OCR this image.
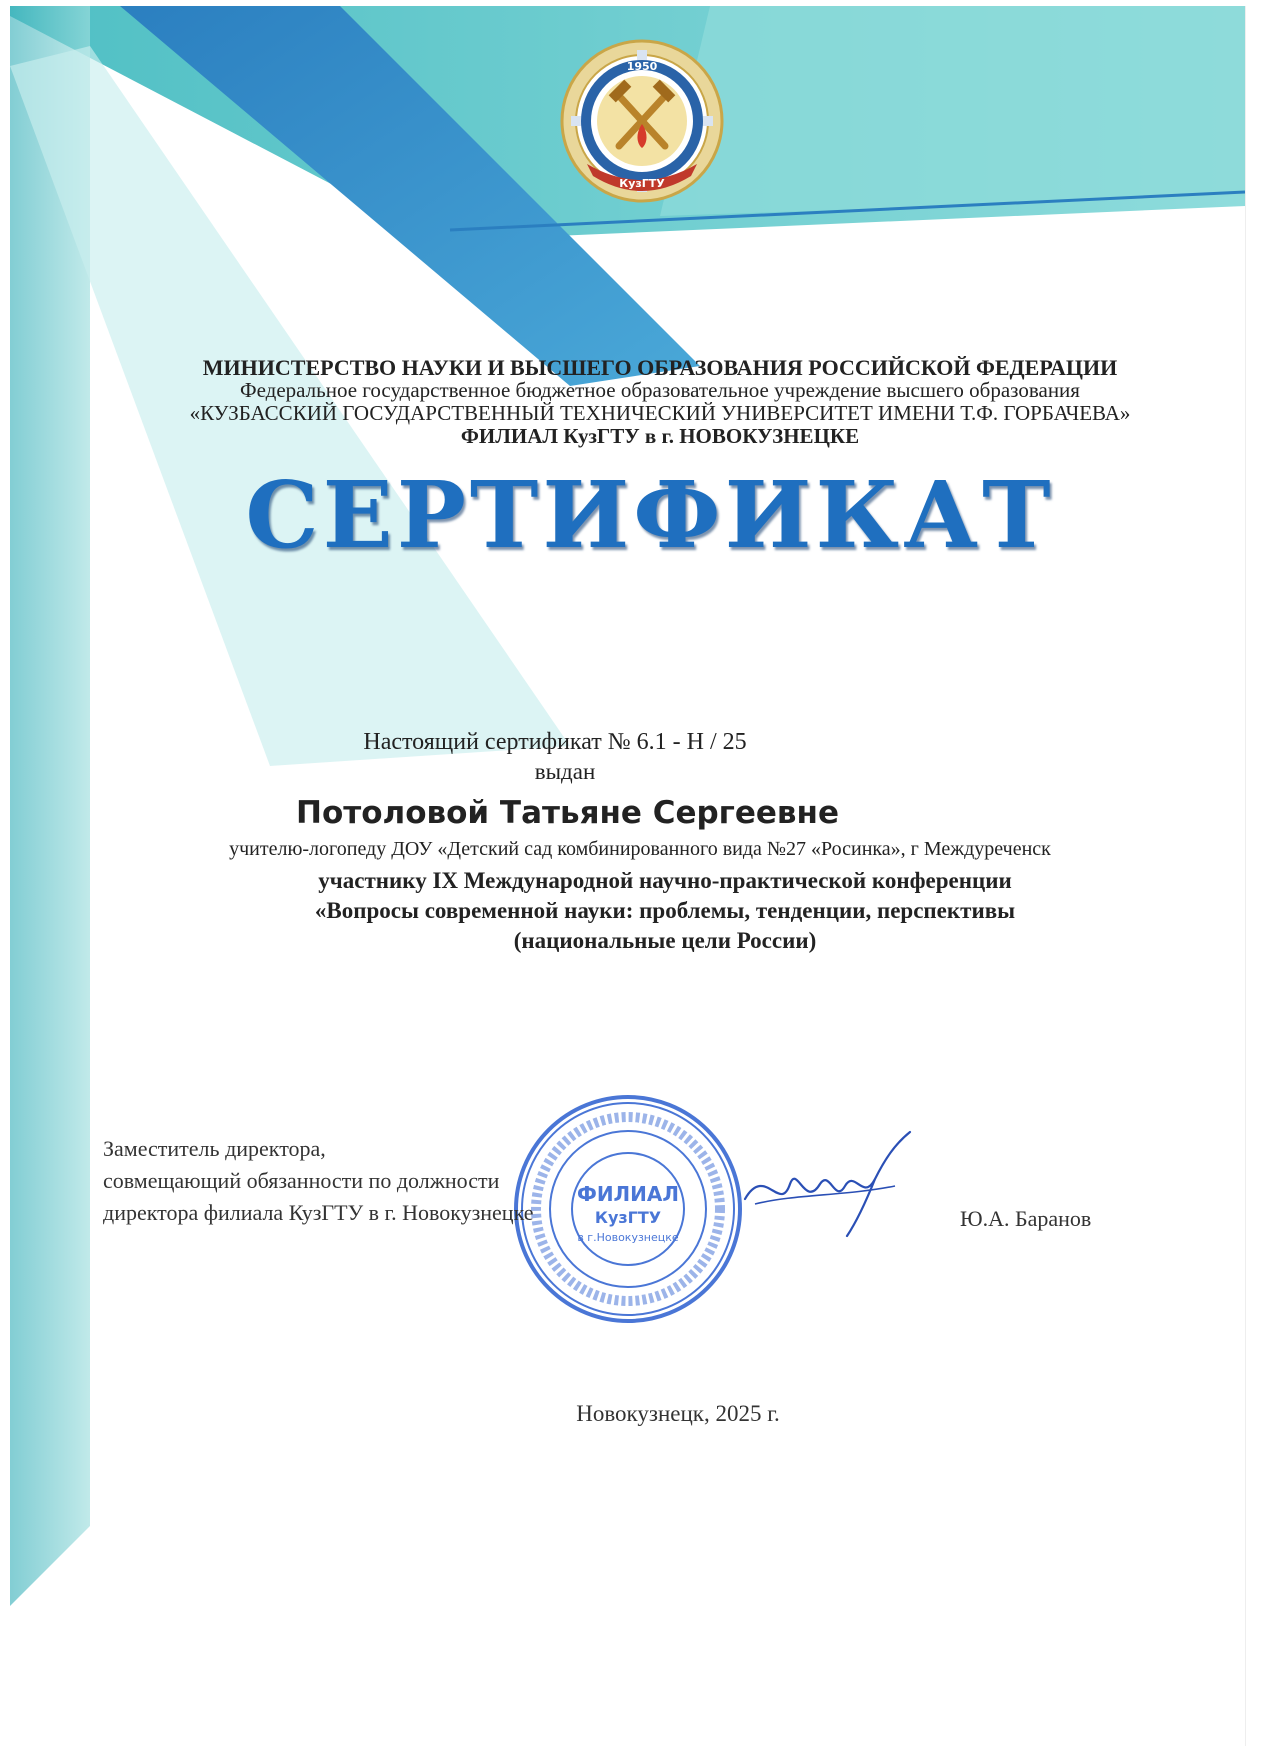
1950
КузГТУ
МИНИСТЕРСТВО НАУКИ И ВЫСШЕГО ОБРАЗОВАНИЯ РОССИЙСКОЙ ФЕДЕРАЦИИ
Федеральное государственное бюджетное образовательное учреждение высшего образования
«КУЗБАССКИЙ ГОСУДАРСТВЕННЫЙ ТЕХНИЧЕСКИЙ УНИВЕРСИТЕТ ИМЕНИ Т.Ф. ГОРБАЧЕВА»
ФИЛИАЛ КузГТУ в г. НОВОКУЗНЕЦКЕ
СЕРТИФИКАТ
Настоящий сертификат № 6.1 - Н / 25
выдан
Потоловой Татьяне Сергеевне
учителю-логопеду ДОУ «Детский сад комбинированного вида №27 «Росинка», г Междуреченск
участнику IX Международной научно-практической конференции
«Вопросы современной науки: проблемы, тенденции, перспективы
(национальные цели России)
ФИЛИАЛ
КузГТУ
в г.Новокузнецке
Заместитель директора,
совмещающий обязанности по должности
директора филиала КузГТУ в г. Новокузнецке	Ю.А. Баранов
Новокузнецк, 2025 г.
